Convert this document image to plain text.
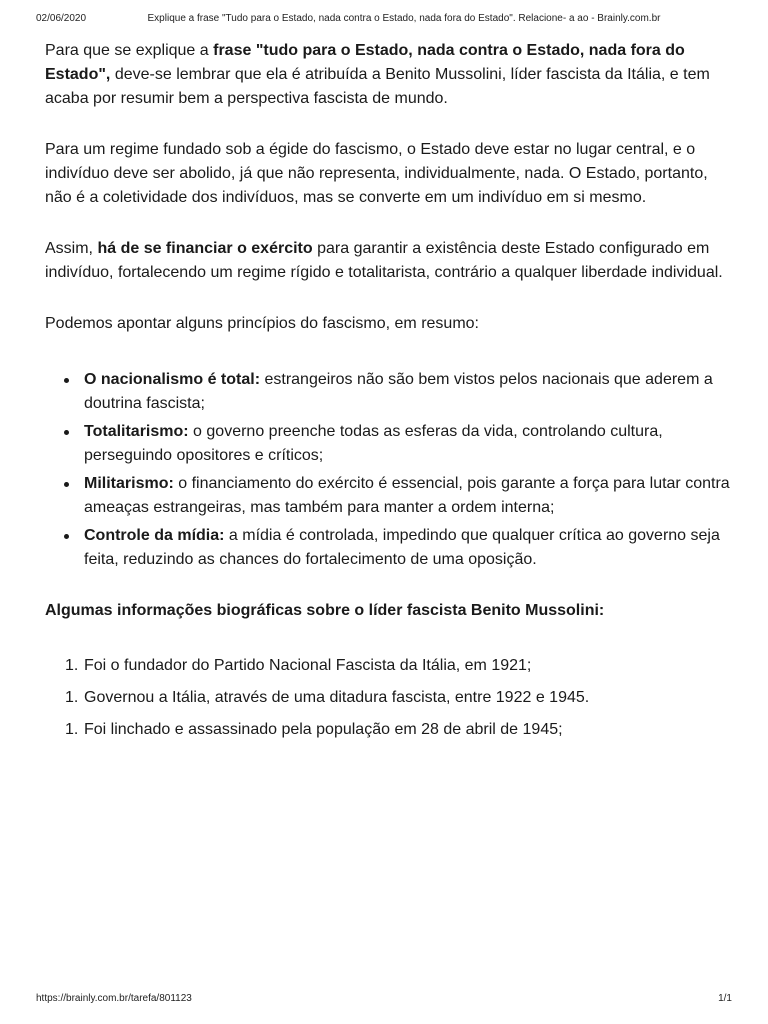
02/06/2020	Explique a frase "Tudo para o Estado, nada contra o Estado, nada fora do Estado". Relacione- a ao - Brainly.com.br

Para que se explique a frase "tudo para o Estado, nada contra o Estado, nada fora do Estado", deve-se lembrar que ela é atribuída a Benito Mussolini, líder fascista da Itália, e tem acaba por resumir bem a perspectiva fascista de mundo.

Para um regime fundado sob a égide do fascismo, o Estado deve estar no lugar central, e o indivíduo deve ser abolido, já que não representa, individualmente, nada. O Estado, portanto, não é a coletividade dos indivíduos, mas se converte em um indivíduo em si mesmo.

Assim, há de se financiar o exército para garantir a existência deste Estado configurado em indivíduo, fortalecendo um regime rígido e totalitarista, contrário a qualquer liberdade individual.

Podemos apontar alguns princípios do fascismo, em resumo:

O nacionalismo é total: estrangeiros não são bem vistos pelos nacionais que aderem a doutrina fascista;
Totalitarismo: o governo preenche todas as esferas da vida, controlando cultura, perseguindo opositores e críticos;
Militarismo: o financiamento do exército é essencial, pois garante a força para lutar contra ameaças estrangeiras, mas também para manter a ordem interna;
Controle da mídia: a mídia é controlada, impedindo que qualquer crítica ao governo seja feita, reduzindo as chances do fortalecimento de uma oposição.

Algumas informações biográficas sobre o líder fascista Benito Mussolini:

1. Foi o fundador do Partido Nacional Fascista da Itália, em 1921;
1. Governou a Itália, através de uma ditadura fascista, entre 1922 e 1945.
1. Foi linchado e assassinado pela população em 28 de abril de 1945;
https://brainly.com.br/tarefa/801123	1/1
